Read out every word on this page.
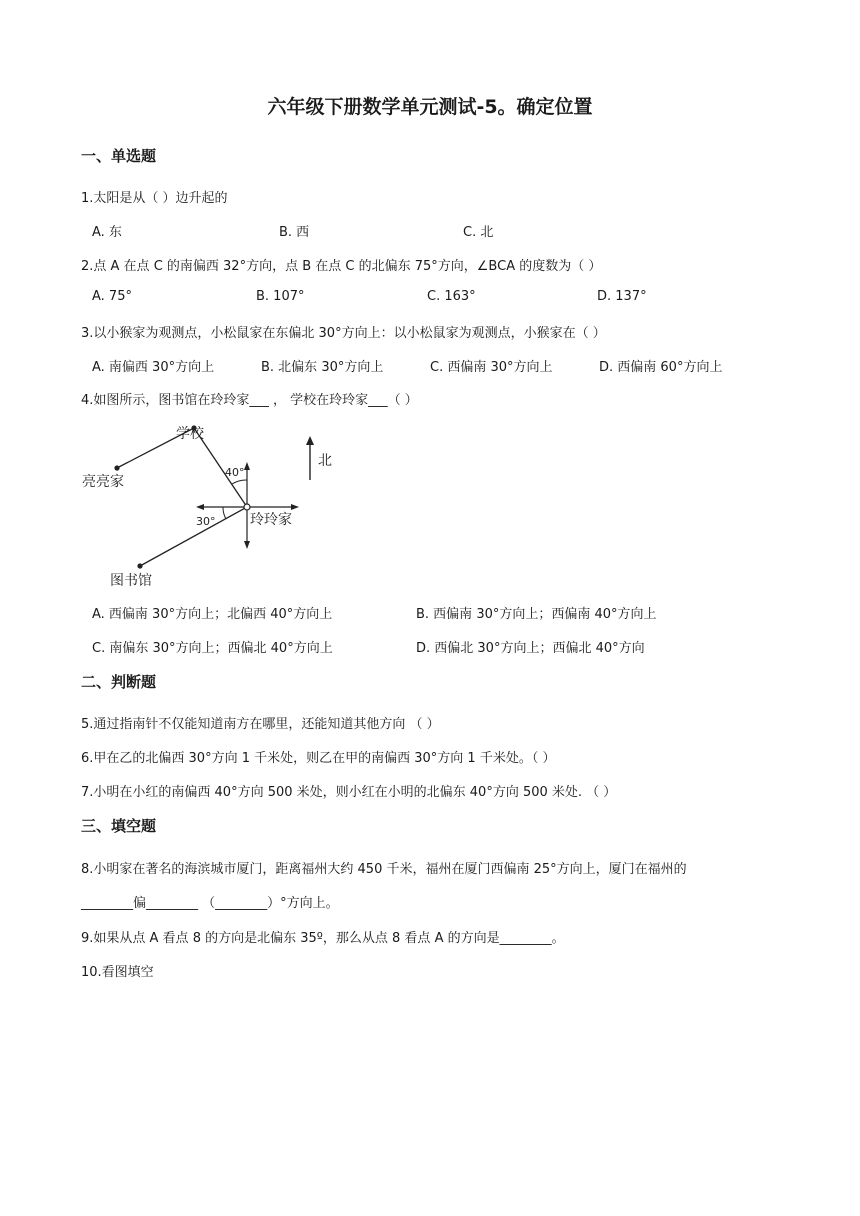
六年级下册数学单元测试-5。确定位置
一、单选题
1.太阳是从（ ）边升起的
A. 东	B. 西	C. 北
2.点 A 在点 C 的南偏西 32°方向，点 B 在点 C 的北偏东 75°方向，∠BCA 的度数为（ ）
A. 75°	B. 107°	C. 163°	D. 137°
3.以小猴家为观测点，小松鼠家在东偏北 30°方向上：以小松鼠家为观测点，小猴家在（ ）
A. 南偏西 30°方向上	B. 北偏东 30°方向上	C. 西偏南 30°方向上	D. 西偏南 60°方向上
4.如图所示，图书馆在玲玲家___ ， 学校在玲玲家___（ ）
学校
亮亮家
玲玲家
图书馆
北
40°
30°
A. 西偏南 30°方向上；北偏西 40°方向上	B. 西偏南 30°方向上；西偏南 40°方向上
C. 南偏东 30°方向上；西偏北 40°方向上	D. 西偏北 30°方向上；西偏北 40°方向
二、判断题
5.通过指南针不仅能知道南方在哪里，还能知道其他方向 （ ）
6.甲在乙的北偏西 30°方向 1 千米处，则乙在甲的南偏西 30°方向 1 千米处。（ ）
7.小明在小红的南偏西 40°方向 500 米处，则小红在小明的北偏东 40°方向 500 米处. （ ）
三、填空题
8.小明家在著名的海滨城市厦门，距离福州大约 450 千米，福州在厦门西偏南 25°方向上，厦门在福州的
________偏________ （________）°方向上。
9.如果从点 A 看点 8 的方向是北偏东 35º，那么从点 8 看点 A 的方向是________。
10.看图填空
